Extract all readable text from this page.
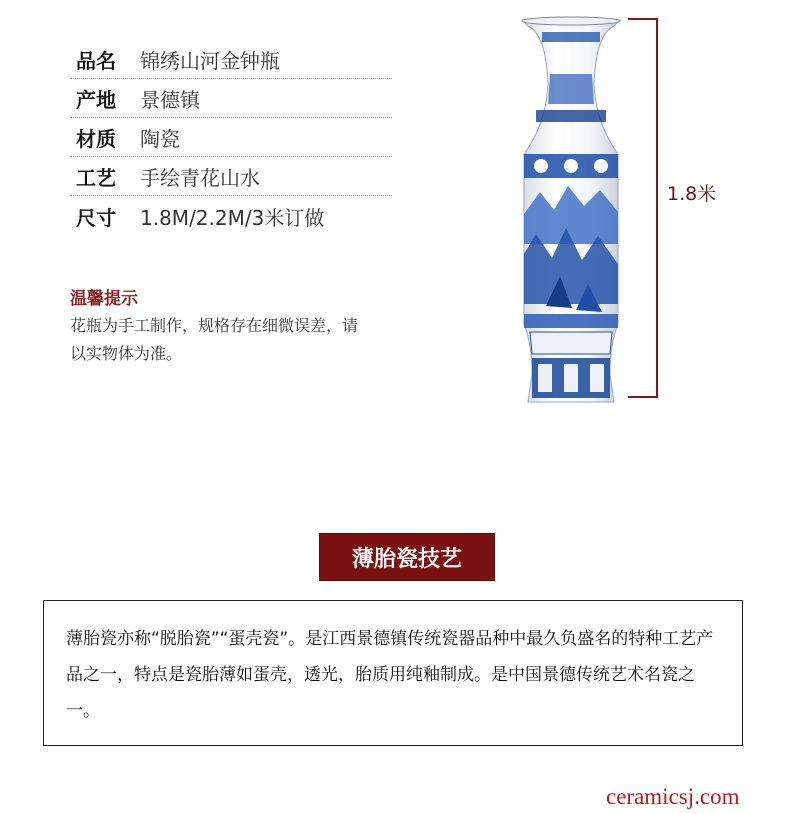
品名	锦绣山河金钟瓶
产地	景德镇
材质	陶瓷
工艺	手绘青花山水
尺寸	1.8M/2.2M/3米订做
温馨提示
花瓶为手工制作，规格存在细微误差，请以实物体为准。
1.8米
薄胎瓷技艺
薄胎瓷亦称“脱胎瓷”“蛋壳瓷”。是江西景德镇传统瓷器品种中最久负盛名的特种工艺产品之一，特点是瓷胎薄如蛋壳，透光，胎质用纯釉制成。是中国景德传统艺术名瓷之一。
ceramicsj.com
